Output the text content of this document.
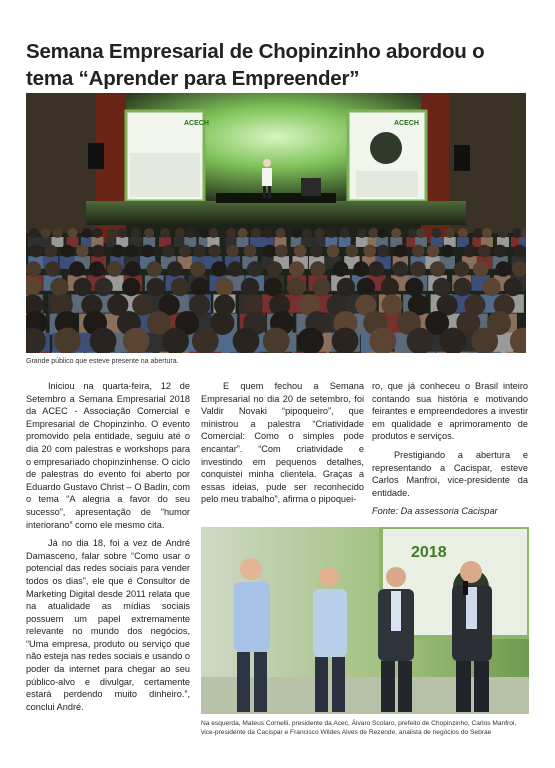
Semana Empresarial de Chopinzinho abordou o tema “Aprender para Empreender”
ACECH	ACECH
Grande público que esteve presente na abertura.

Iniciou na quarta-feira, 12 de Setembro a Semana Empresarial 2018 da ACEC - Associação Comercial e Empresarial de Chopinzinho. O evento promovido pela entidade, seguiu até o dia 20 com palestras e workshops para o empresariado chopinzinhense. O ciclo de palestras do evento foi aberto por Eduardo Gustavo Christ – O Badin, com o tema “A alegria a favor do seu sucesso”, apresentação de “humor interiorano” como ele mesmo cita.

Já no dia 18, foi a vez de André Damasceno, falar sobre “Como usar o potencial das redes sociais para vender todos os dias”, ele que é Consultor de Marketing Digital desde 2011 relata que na atualidade as mídias sociais possuem um papel extremamente relevante no mundo dos negócios, “Uma empresa, produto ou serviço que não esteja nas redes sociais e usando o poder da internet para chegar ao seu público-alvo e divulgar, certamente estará perdendo muito dinheiro.”, conclui André.

E quem fechou a Semana Empresarial no dia 20 de setembro, foi Valdir Novaki “pipoqueiro”, que ministrou a palestra “Criatividade Comercial: Como o simples pode encantar”. “Com criatividade e investindo em pequenos detalhes, conquistei minha clientela. Graças a essas ideias, pude ser reconhecido pelo meu trabalho”, afirma o pipoquei-

ro, que já conheceu o Brasil inteiro contando sua história e motivando feirantes e empreendedores a investir em qualidade e aprimoramento de produtos e serviços.

Prestigiando a abertura e representando a Cacispar, esteve Carlos Manfroi, vice-presidente da entidade.

Fonte: Da assessoria Cacispar

2018
Na esquerda, Mateus Cornelli, presidente da Acec, Álvaro Scolaro, prefeito de Chopinzinho, Carlos Manfroi, vice-presidente da Cacispar e Francisco Wildes Alves de Rezende, analista de negócios do Sebrae
